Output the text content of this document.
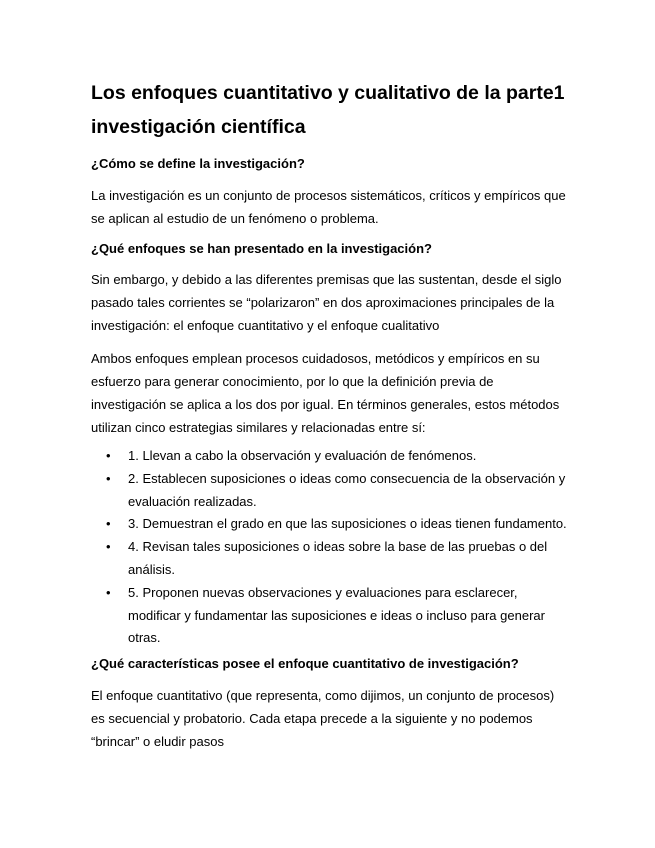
Los enfoques cuantitativo y cualitativo de la parte1 investigación científica
¿Cómo se define la investigación?

La investigación es un conjunto de procesos sistemáticos, críticos y empíricos que se aplican al estudio de un fenómeno o problema.

¿Qué enfoques se han presentado en la investigación?

Sin embargo, y debido a las diferentes premisas que las sustentan, desde el siglo pasado tales corrientes se “polarizaron” en dos aproximaciones principales de la investigación: el enfoque cuantitativo y el enfoque cualitativo

Ambos enfoques emplean procesos cuidadosos, metódicos y empíricos en su esfuerzo para generar conocimiento, por lo que la definición previa de investigación se aplica a los dos por igual. En términos generales, estos métodos utilizan cinco estrategias similares y relacionadas entre sí:

• 1. Llevan a cabo la observación y evaluación de fenómenos.
• 2. Establecen suposiciones o ideas como consecuencia de la observación y evaluación realizadas.
• 3. Demuestran el grado en que las suposiciones o ideas tienen fundamento.
• 4. Revisan tales suposiciones o ideas sobre la base de las pruebas o del análisis.
• 5. Proponen nuevas observaciones y evaluaciones para esclarecer, modificar y fundamentar las suposiciones e ideas o incluso para generar otras.
¿Qué características posee el enfoque cuantitativo de investigación?

El enfoque cuantitativo (que representa, como dijimos, un conjunto de procesos) es secuencial y probatorio. Cada etapa precede a la siguiente y no podemos “brincar” o eludir pasos
